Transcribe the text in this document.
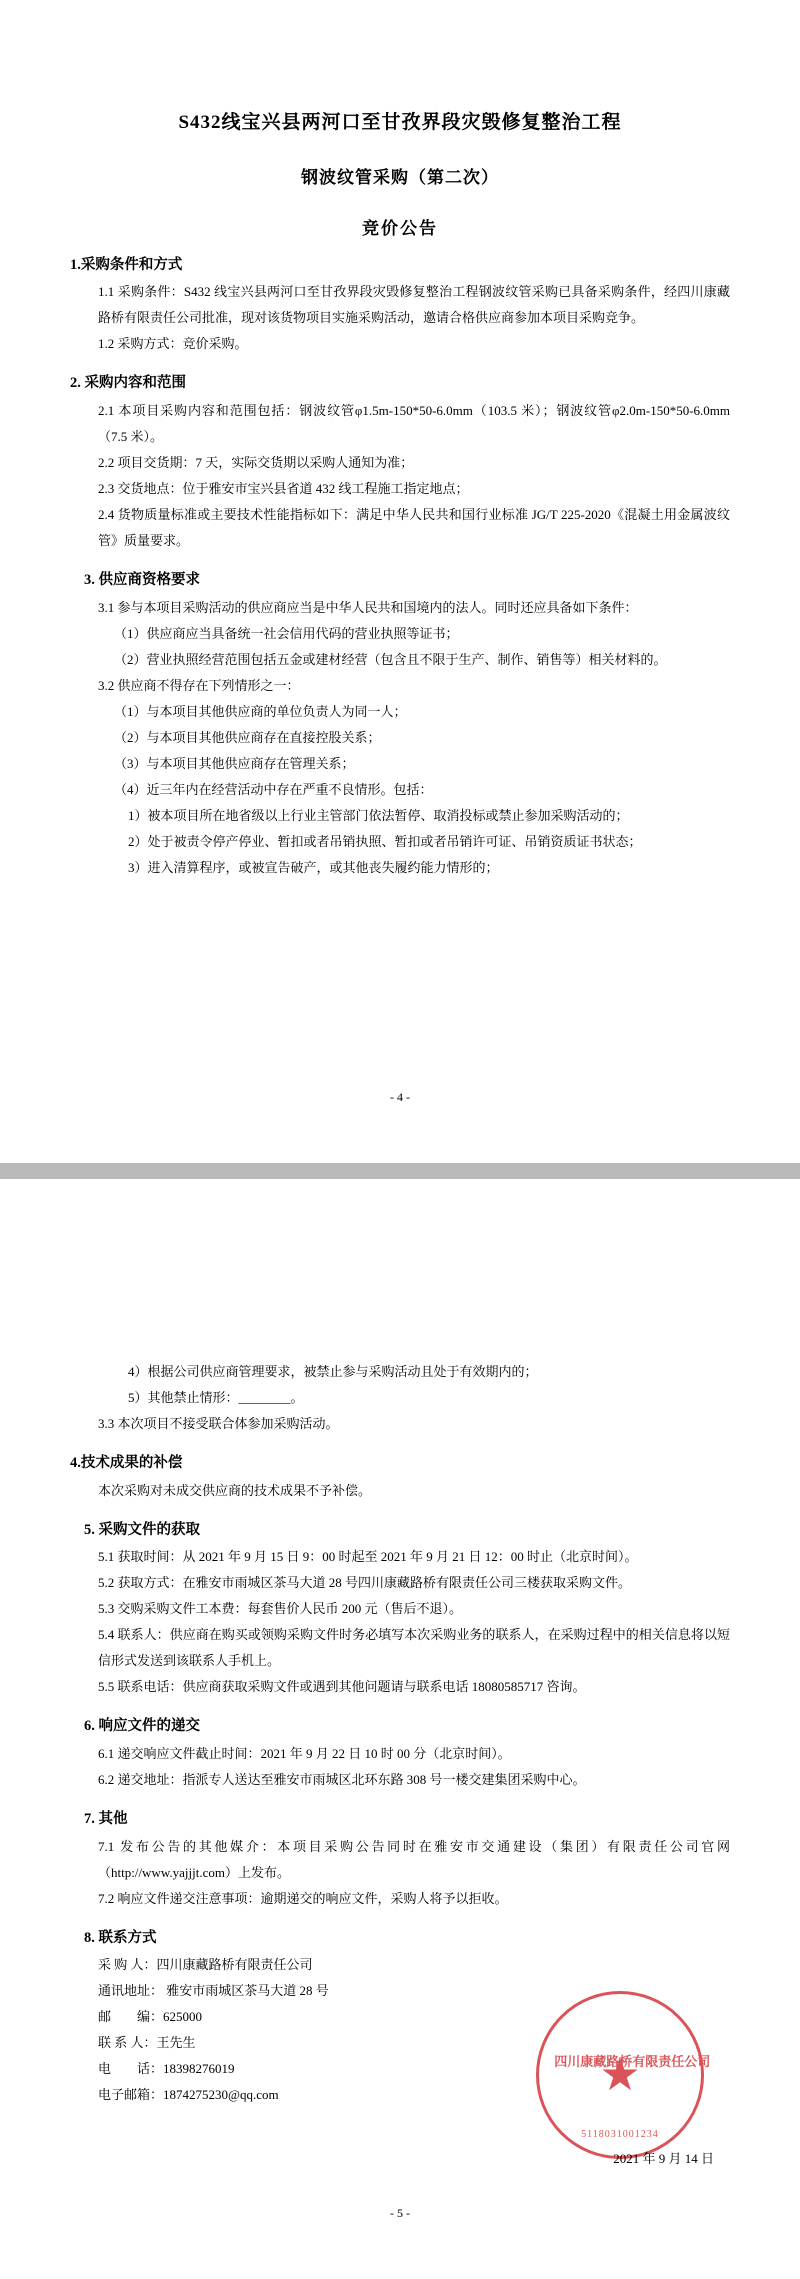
S432线宝兴县两河口至甘孜界段灾毁修复整治工程
钢波纹管采购（第二次）
竞价公告
1.采购条件和方式

1.1 采购条件：S432 线宝兴县两河口至甘孜界段灾毁修复整治工程钢波纹管采购已具备采购条件，经四川康藏路桥有限责任公司批准，现对该货物项目实施采购活动，邀请合格供应商参加本项目采购竞争。

1.2 采购方式：竞价采购。

2. 采购内容和范围

2.1 本项目采购内容和范围包括：钢波纹管φ1.5m-150*50-6.0mm（103.5 米）；钢波纹管φ2.0m-150*50-6.0mm（7.5 米）。

2.2 项目交货期：7 天，实际交货期以采购人通知为准；

2.3 交货地点：位于雅安市宝兴县省道 432 线工程施工指定地点；

2.4 货物质量标准或主要技术性能指标如下：满足中华人民共和国行业标准 JG/T 225-2020《混凝土用金属波纹管》质量要求。

3. 供应商资格要求

3.1 参与本项目采购活动的供应商应当是中华人民共和国境内的法人。同时还应具备如下条件：

（1）供应商应当具备统一社会信用代码的营业执照等证书；

（2）营业执照经营范围包括五金或建材经营（包含且不限于生产、制作、销售等）相关材料的。

3.2 供应商不得存在下列情形之一：

（1）与本项目其他供应商的单位负责人为同一人；

（2）与本项目其他供应商存在直接控股关系；

（3）与本项目其他供应商存在管理关系；

（4）近三年内在经营活动中存在严重不良情形。包括：

1）被本项目所在地省级以上行业主管部门依法暂停、取消投标或禁止参加采购活动的；

2）处于被责令停产停业、暂扣或者吊销执照、暂扣或者吊销许可证、吊销资质证书状态；

3）进入清算程序，或被宣告破产，或其他丧失履约能力情形的；

- 4 -

4）根据公司供应商管理要求，被禁止参与采购活动且处于有效期内的；

5）其他禁止情形：________。

3.3 本次项目不接受联合体参加采购活动。

4.技术成果的补偿

本次采购对未成交供应商的技术成果不予补偿。

5. 采购文件的获取

5.1 获取时间：从 2021 年 9 月 15 日 9：00 时起至 2021 年 9 月 21 日 12：00 时止（北京时间）。

5.2 获取方式：在雅安市雨城区茶马大道 28 号四川康藏路桥有限责任公司三楼获取采购文件。

5.3 交购采购文件工本费：每套售价人民币 200 元（售后不退）。

5.4 联系人：供应商在购买或领购采购文件时务必填写本次采购业务的联系人，在采购过程中的相关信息将以短信形式发送到该联系人手机上。

5.5 联系电话：供应商获取采购文件或遇到其他问题请与联系电话 18080585717 咨询。

6. 响应文件的递交

6.1 递交响应文件截止时间：2021 年 9 月 22 日 10 时 00 分（北京时间）。

6.2 递交地址：指派专人送达至雅安市雨城区北环东路 308 号一楼交建集团采购中心。

7. 其他

7.1 发布公告的其他媒介：本项目采购公告同时在雅安市交通建设（集团）有限责任公司官网（http://www.yajjjt.com）上发布。

7.2 响应文件递交注意事项：逾期递交的响应文件，采购人将予以拒收。

8. 联系方式

采 购 人：四川康藏路桥有限责任公司

通讯地址： 雅安市雨城区茶马大道 28 号

邮　　编：625000

联 系 人：王先生

电　　话：18398276019

电子邮箱：1874275230@qq.com

四川康藏路桥有限责任公司
★
5118031001234
2021 年 9 月 14 日
- 5 -
